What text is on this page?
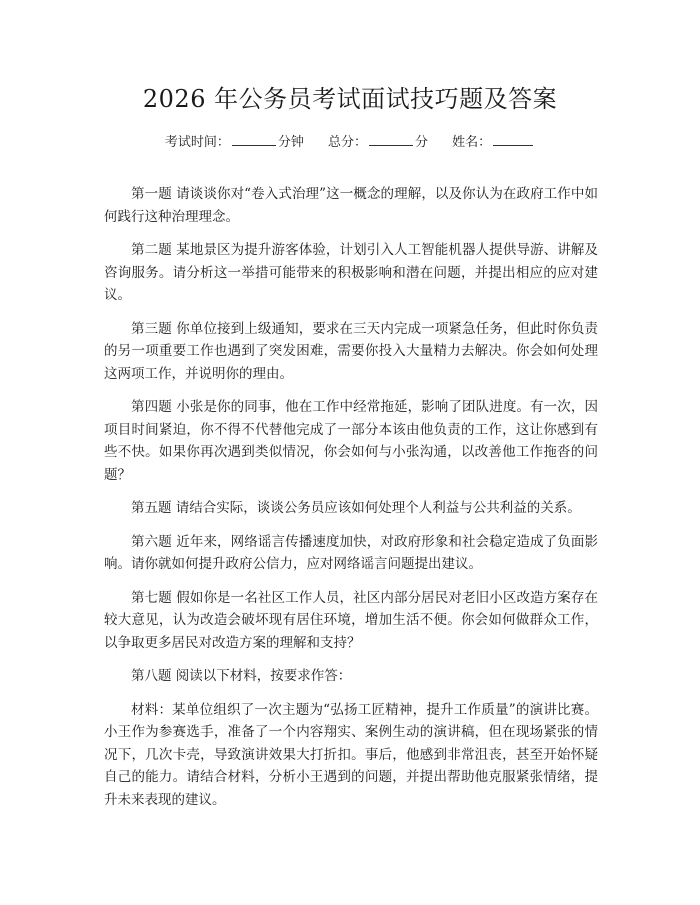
2026 年公务员考试面试技巧题及答案
考试时间：	分钟 总分：	分 姓名：

第一题 请谈谈你对“卷入式治理”这一概念的理解，以及你认为在政府工作中如何践行这种治理理念。

第二题 某地景区为提升游客体验，计划引入人工智能机器人提供导游、讲解及咨询服务。请分析这一举措可能带来的积极影响和潜在问题，并提出相应的应对建议。

第三题 你单位接到上级通知，要求在三天内完成一项紧急任务，但此时你负责的另一项重要工作也遇到了突发困难，需要你投入大量精力去解决。你会如何处理这两项工作，并说明你的理由。

第四题 小张是你的同事，他在工作中经常拖延，影响了团队进度。有一次，因项目时间紧迫，你不得不代替他完成了一部分本该由他负责的工作，这让你感到有些不快。如果你再次遇到类似情况，你会如何与小张沟通，以改善他工作拖沓的问题？

第五题 请结合实际，谈谈公务员应该如何处理个人利益与公共利益的关系。

第六题 近年来，网络谣言传播速度加快，对政府形象和社会稳定造成了负面影响。请你就如何提升政府公信力，应对网络谣言问题提出建议。

第七题 假如你是一名社区工作人员，社区内部分居民对老旧小区改造方案存在较大意见，认为改造会破坏现有居住环境，增加生活不便。你会如何做群众工作，以争取更多居民对改造方案的理解和支持？

第八题 阅读以下材料，按要求作答：

材料：某单位组织了一次主题为“弘扬工匠精神，提升工作质量”的演讲比赛。小王作为参赛选手，准备了一个内容翔实、案例生动的演讲稿，但在现场紧张的情况下，几次卡壳，导致演讲效果大打折扣。事后，他感到非常沮丧，甚至开始怀疑自己的能力。请结合材料，分析小王遇到的问题，并提出帮助他克服紧张情绪，提升未来表现的建议。
